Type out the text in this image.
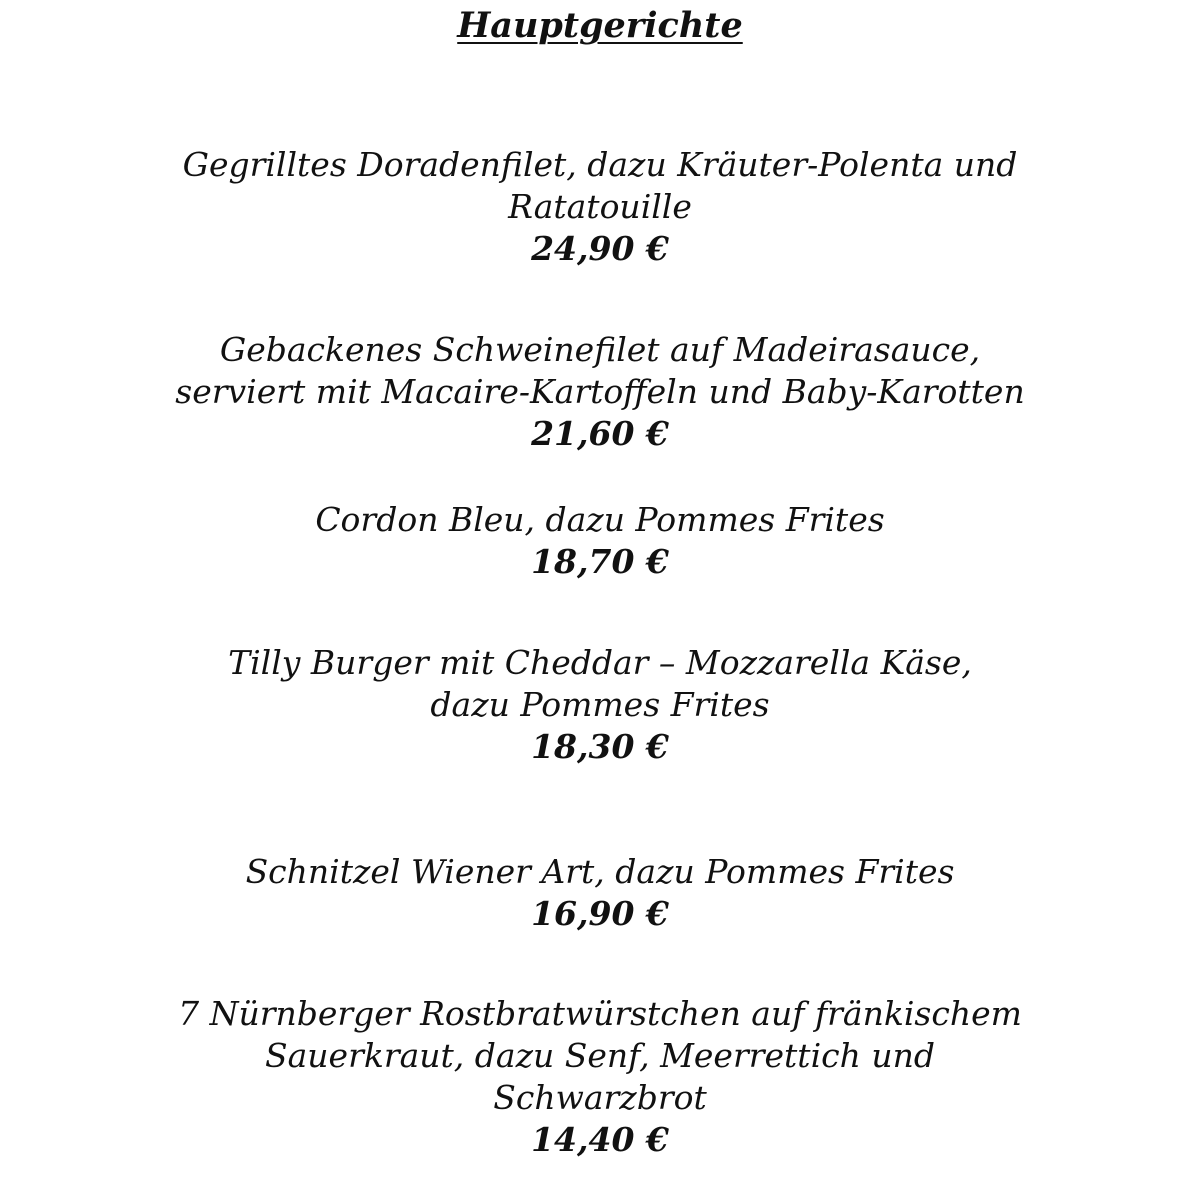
Hauptgerichte
Gegrilltes Doradenfilet, dazu Kräuter-Polenta und
Ratatouille
24,90 €
Gebackenes Schweinefilet auf Madeirasauce,
serviert mit Macaire-Kartoffeln und Baby-Karotten
21,60 €
Cordon Bleu, dazu Pommes Frites
18,70 €
Tilly Burger mit Cheddar – Mozzarella Käse,
dazu Pommes Frites
18,30 €
Schnitzel Wiener Art, dazu Pommes Frites
16,90 €
7 Nürnberger Rostbratwürstchen auf fränkischem
Sauerkraut, dazu Senf, Meerrettich und
Schwarzbrot
14,40 €
